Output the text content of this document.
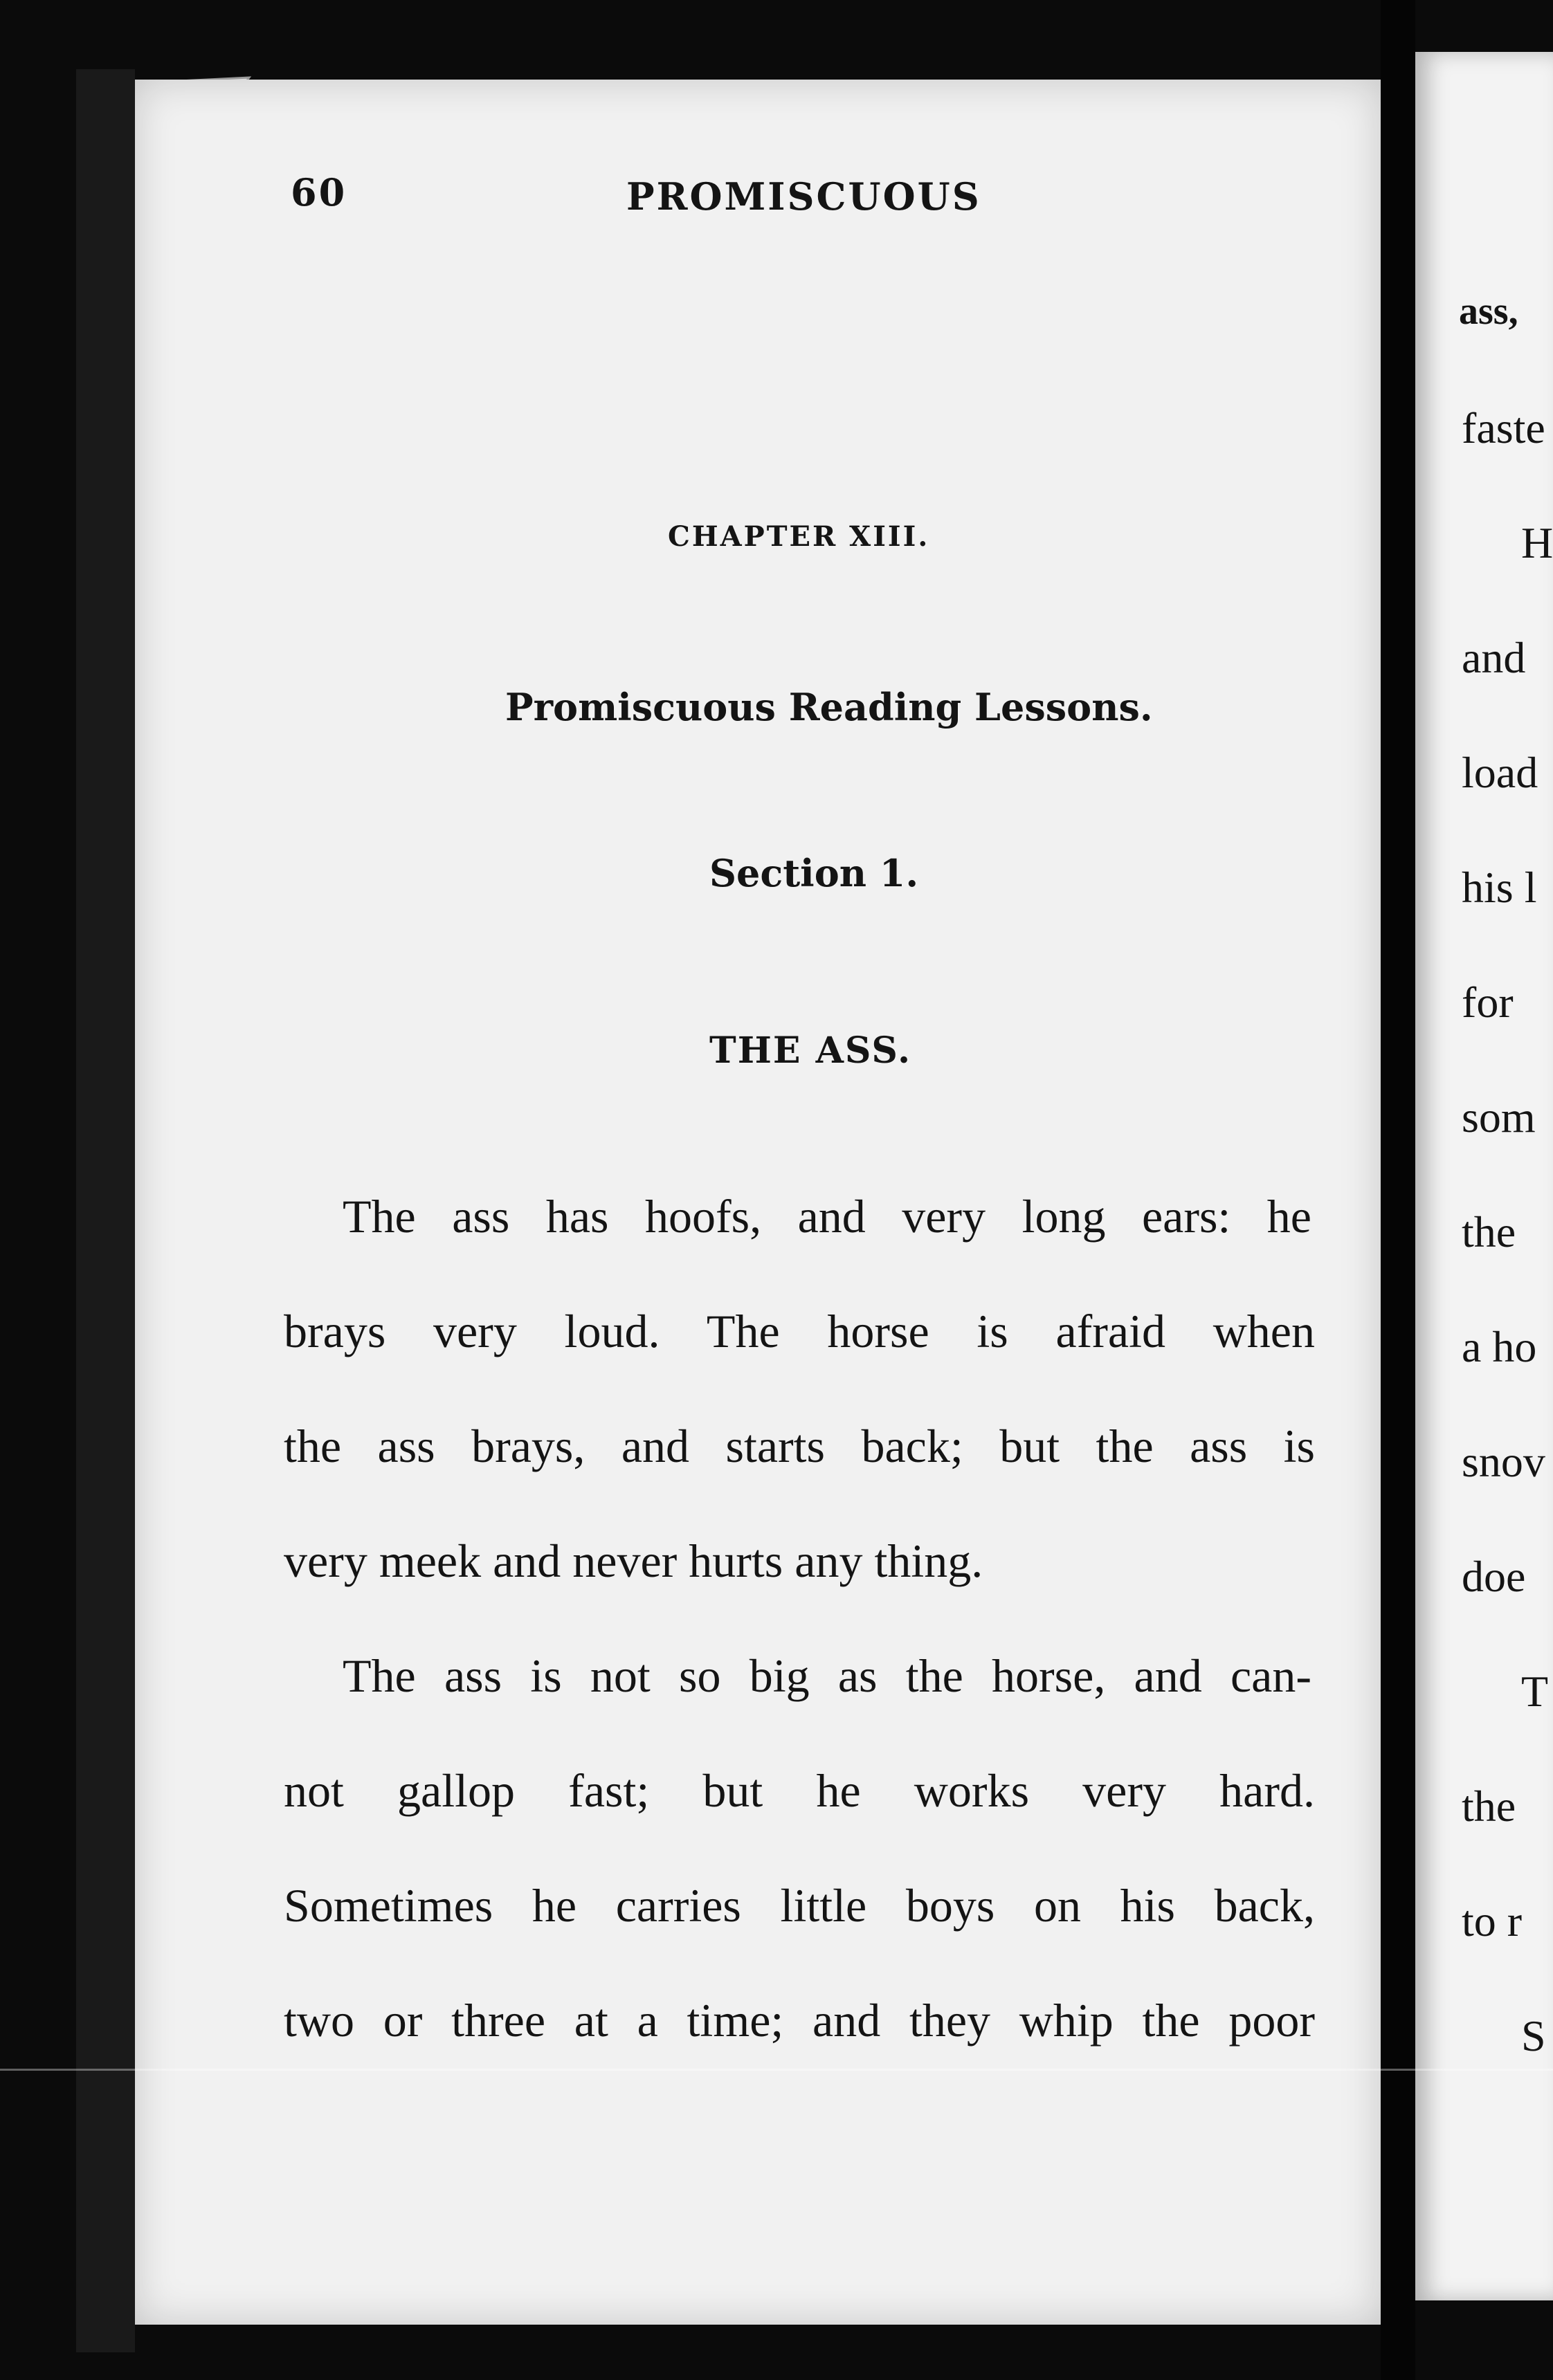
60	PROMISCUOUS
CHAPTER XIII.
Promiscuous Reading Lessons.
Section 1.
THE ASS.
The ass has hoofs, and very long ears: he
brays very loud. The horse is afraid when
the ass brays, and starts back; but the ass is
very meek and never hurts any thing.
The ass is not so big as the horse, and can-
not gallop fast; but he works very hard.
Sometimes he carries little boys on his back,
two or three at a time; and they whip the poor
ass,
faste
H
and
load
his l
for
som
the
a ho
snov
doe
T
the
to r
S
